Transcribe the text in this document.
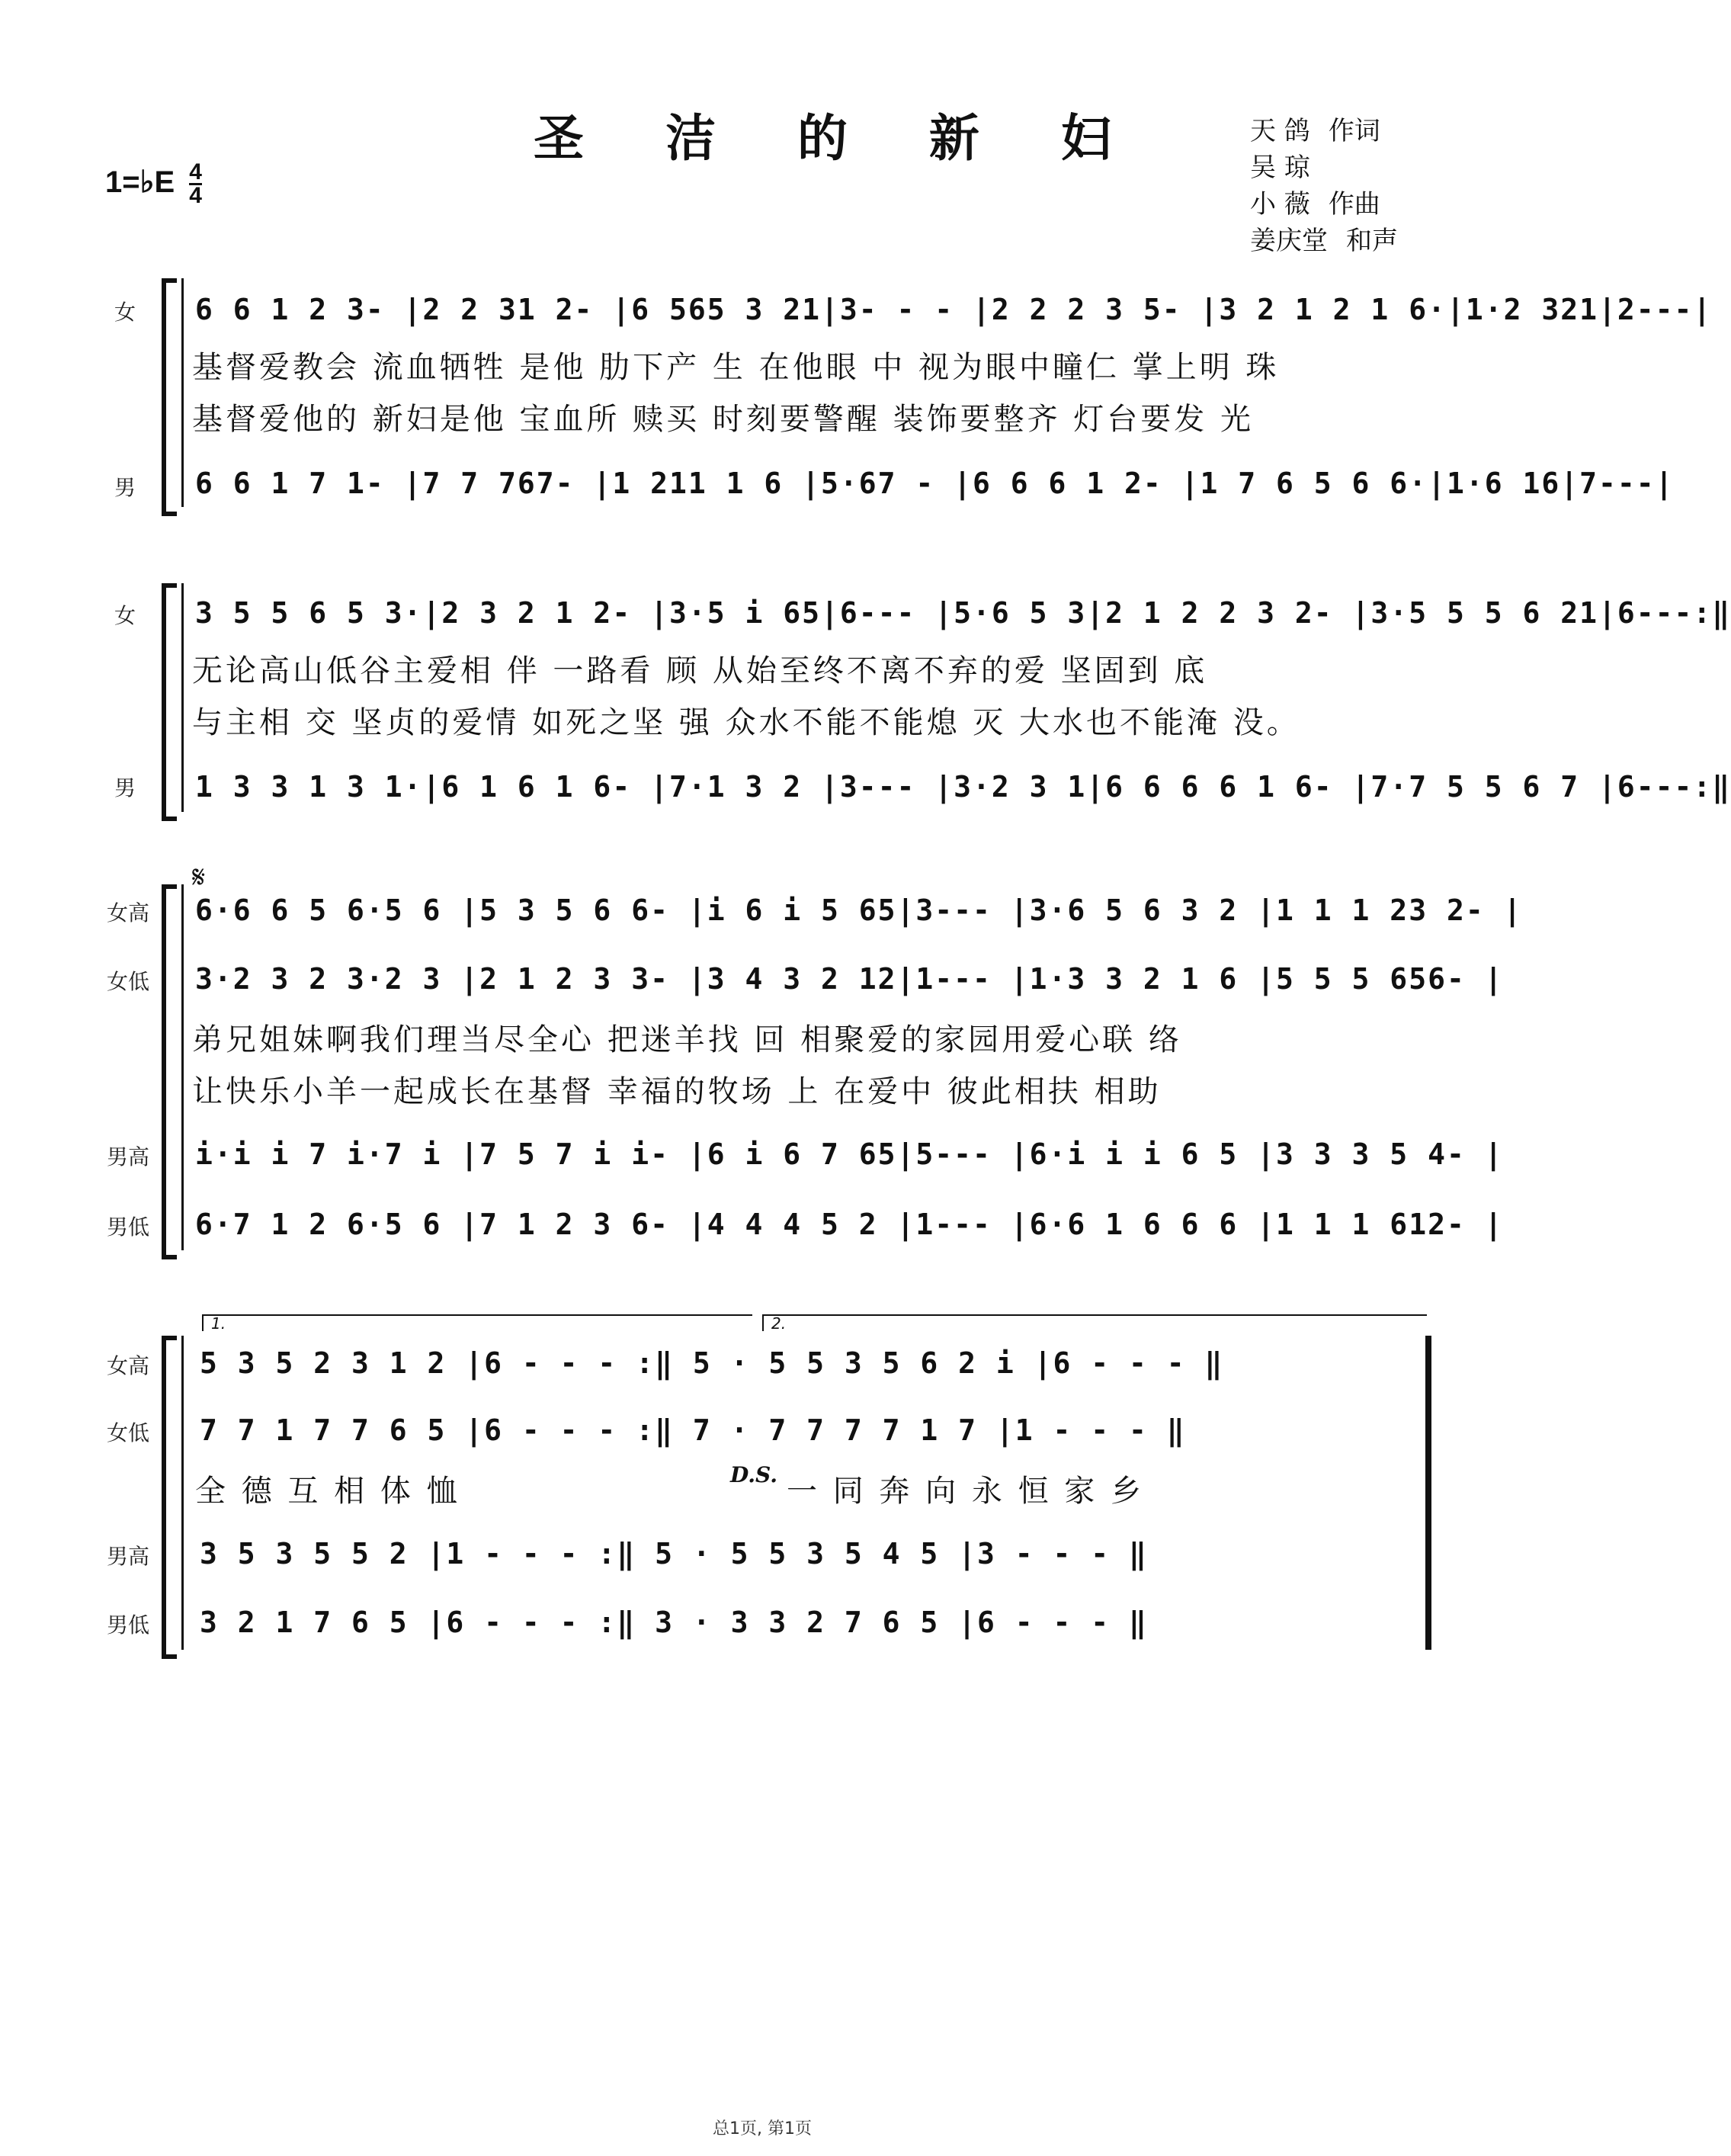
圣 洁 的 新 妇
1=♭E $\frac{4}{4}$
天 鸽 作词
吴 琼
小 薇 作曲
姜庆堂 和声
女
男
6 6 1 2 3- |2 2 31 2- |6 565 3 21|3- - - |2 2 2 3 5- |3 2 1 2 1 6·|1·2 321|2---|
基督爱教会 流血牺牲 是他 肋下产 生 在他眼 中 视为眼中瞳仁 掌上明 珠
基督爱他的 新妇是他 宝血所 赎买 时刻要警醒 装饰要整齐 灯台要发 光
6 6 1 7 1- |7 7 767- |1 211 1 6 |5·67 - |6 6 6 1 2- |1 7 6 5 6 6·|1·6 16|7---|
女
男
3 5 5 6 5 3·|2 3 2 1 2- |3·5 i 65|6--- |5·6 5 3|2 1 2 2 3 2- |3·5 5 5 6 21|6---:‖
无论高山低谷主爱相 伴 一路看 顾 从始至终不离不弃的爱 坚固到 底
与主相 交 坚贞的爱情 如死之坚 强 众水不能不能熄 灭 大水也不能淹 没。
1 3 3 1 3 1·|6 1 6 1 6- |7·1 3 2 |3--- |3·2 3 1|6 6 6 6 1 6- |7·7 5 5 6 7 |6---:‖
𝄋
女高
女低
男高
男低
6·6 6 5 6·5 6 |5 3 5 6 6- |i 6 i 5 65|3--- |3·6 5 6 3 2 |1 1 1 23 2- |
3·2 3 2 3·2 3 |2 1 2 3 3- |3 4 3 2 12|1--- |1·3 3 2 1 6 |5 5 5 656- |
弟兄姐妹啊我们理当尽全心 把迷羊找 回 相聚爱的家园用爱心联 络
让快乐小羊一起成长在基督 幸福的牧场 上 在爱中 彼此相扶 相助
i·i i 7 i·7 i |7 5 7 i i- |6 i 6 7 65|5--- |6·i i i 6 5 |3 3 3 5 4- |
6·7 1 2 6·5 6 |7 1 2 3 6- |4 4 4 5 2 |1--- |6·6 1 6 6 6 |1 1 1 612- |
1.	2.
女高
女低
男高
男低
5 3 5 2 3 1 2 |6 - - - :‖ 5 · 5 5 3 5 6 2 i |6 - - - ‖
7 7 1 7 7 6 5 |6 - - - :‖ 7 · 7 7 7 7 1 7 |1 - - - ‖
全 德 互 相 体 恤	D.S. 一 同 奔 向 永 恒 家 乡
3 5 3 5 5 2 |1 - - - :‖ 5 · 5 5 3 5 4 5 |3 - - - ‖
3 2 1 7 6 5 |6 - - - :‖ 3 · 3 3 2 7 6 5 |6 - - - ‖
总1页, 第1页
